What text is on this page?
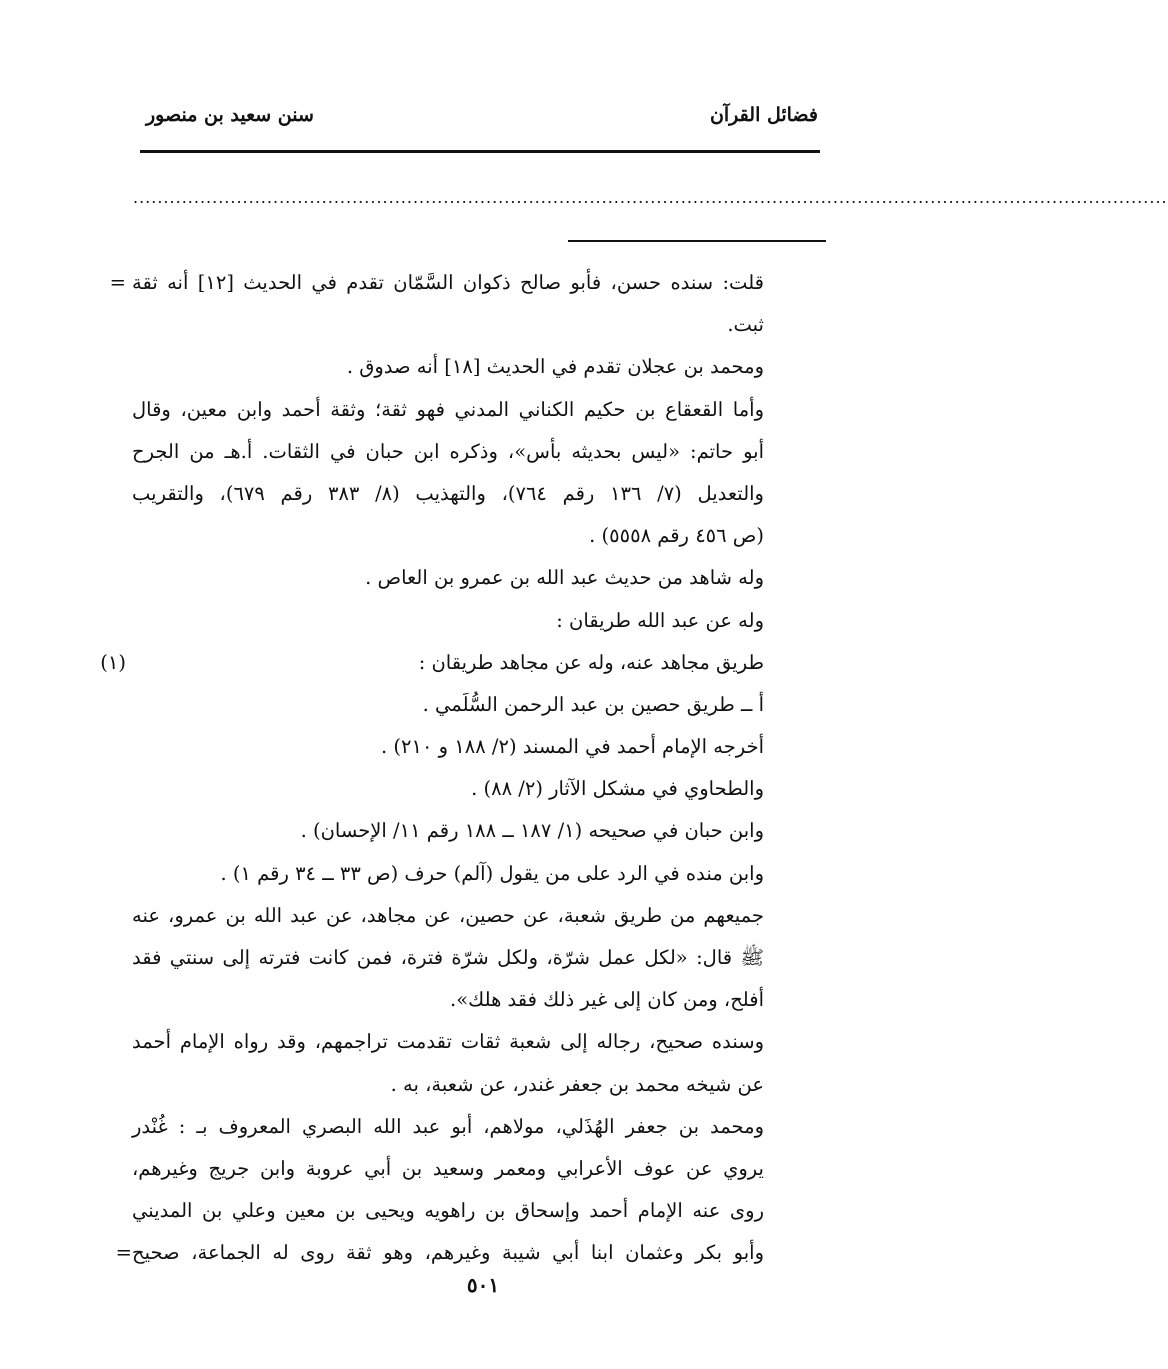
فضائل القرآن
سنن سعيد بن منصور
..........................................................................................................................................................................
=
(١)
=
قلت: سنده حسن، فأبو صالح ذكوان السَّمّان تقدم في الحديث [١٢] أنه ثقة
ثبت.
ومحمد بن عجلان تقدم في الحديث [١٨] أنه صدوق .
وأما القعقاع بن حكيم الكناني المدني فهو ثقة؛ وثقة أحمد وابن معين، وقال
أبو حاتم: «ليس بحديثه بأس»، وذكره ابن حبان في الثقات. أ.هـ من الجرح
والتعديل (٧/ ١٣٦ رقم ٧٦٤)، والتهذيب (٨/ ٣٨٣ رقم ٦٧٩)، والتقريب
(ص ٤٥٦ رقم ٥٥٥٨) .
وله شاهد من حديث عبد الله بن عمرو بن العاص .
وله عن عبد الله طريقان :
طريق مجاهد عنه، وله عن مجاهد طريقان :
أ ــ طريق حصين بن عبد الرحمن السُّلَمي .
أخرجه الإمام أحمد في المسند (٢/ ١٨٨ و ٢١٠) .
والطحاوي في مشكل الآثار (٢/ ٨٨) .
وابن حبان في صحيحه (١/ ١٨٧ ــ ١٨٨ رقم ١١/ الإحسان) .
وابن منده في الرد على من يقول (آلم) حرف (ص ٣٣ ــ ٣٤ رقم ١) .
جميعهم من طريق شعبة، عن حصين، عن مجاهد، عن عبد الله بن عمرو، عنه
ﷺ قال: «لكل عمل شرّة، ولكل شرّة فترة، فمن كانت فترته إلى سنتي فقد
أفلح، ومن كان إلى غير ذلك فقد هلك».
وسنده صحيح، رجاله إلى شعبة ثقات تقدمت تراجمهم، وقد رواه الإمام أحمد
عن شيخه محمد بن جعفر غندر، عن شعبة، به .
ومحمد بن جعفر الهُذَلي، مولاهم، أبو عبد الله البصري المعروف بـ : غُنْدر
يروي عن عوف الأعرابي ومعمر وسعيد بن أبي عروبة وابن جريج وغيرهم،
روى عنه الإمام أحمد وإسحاق بن راهويه ويحيى بن معين وعلي بن المديني
وأبو بكر وعثمان ابنا أبي شيبة وغيرهم، وهو ثقة روى له الجماعة، صحيح
٥٠١
